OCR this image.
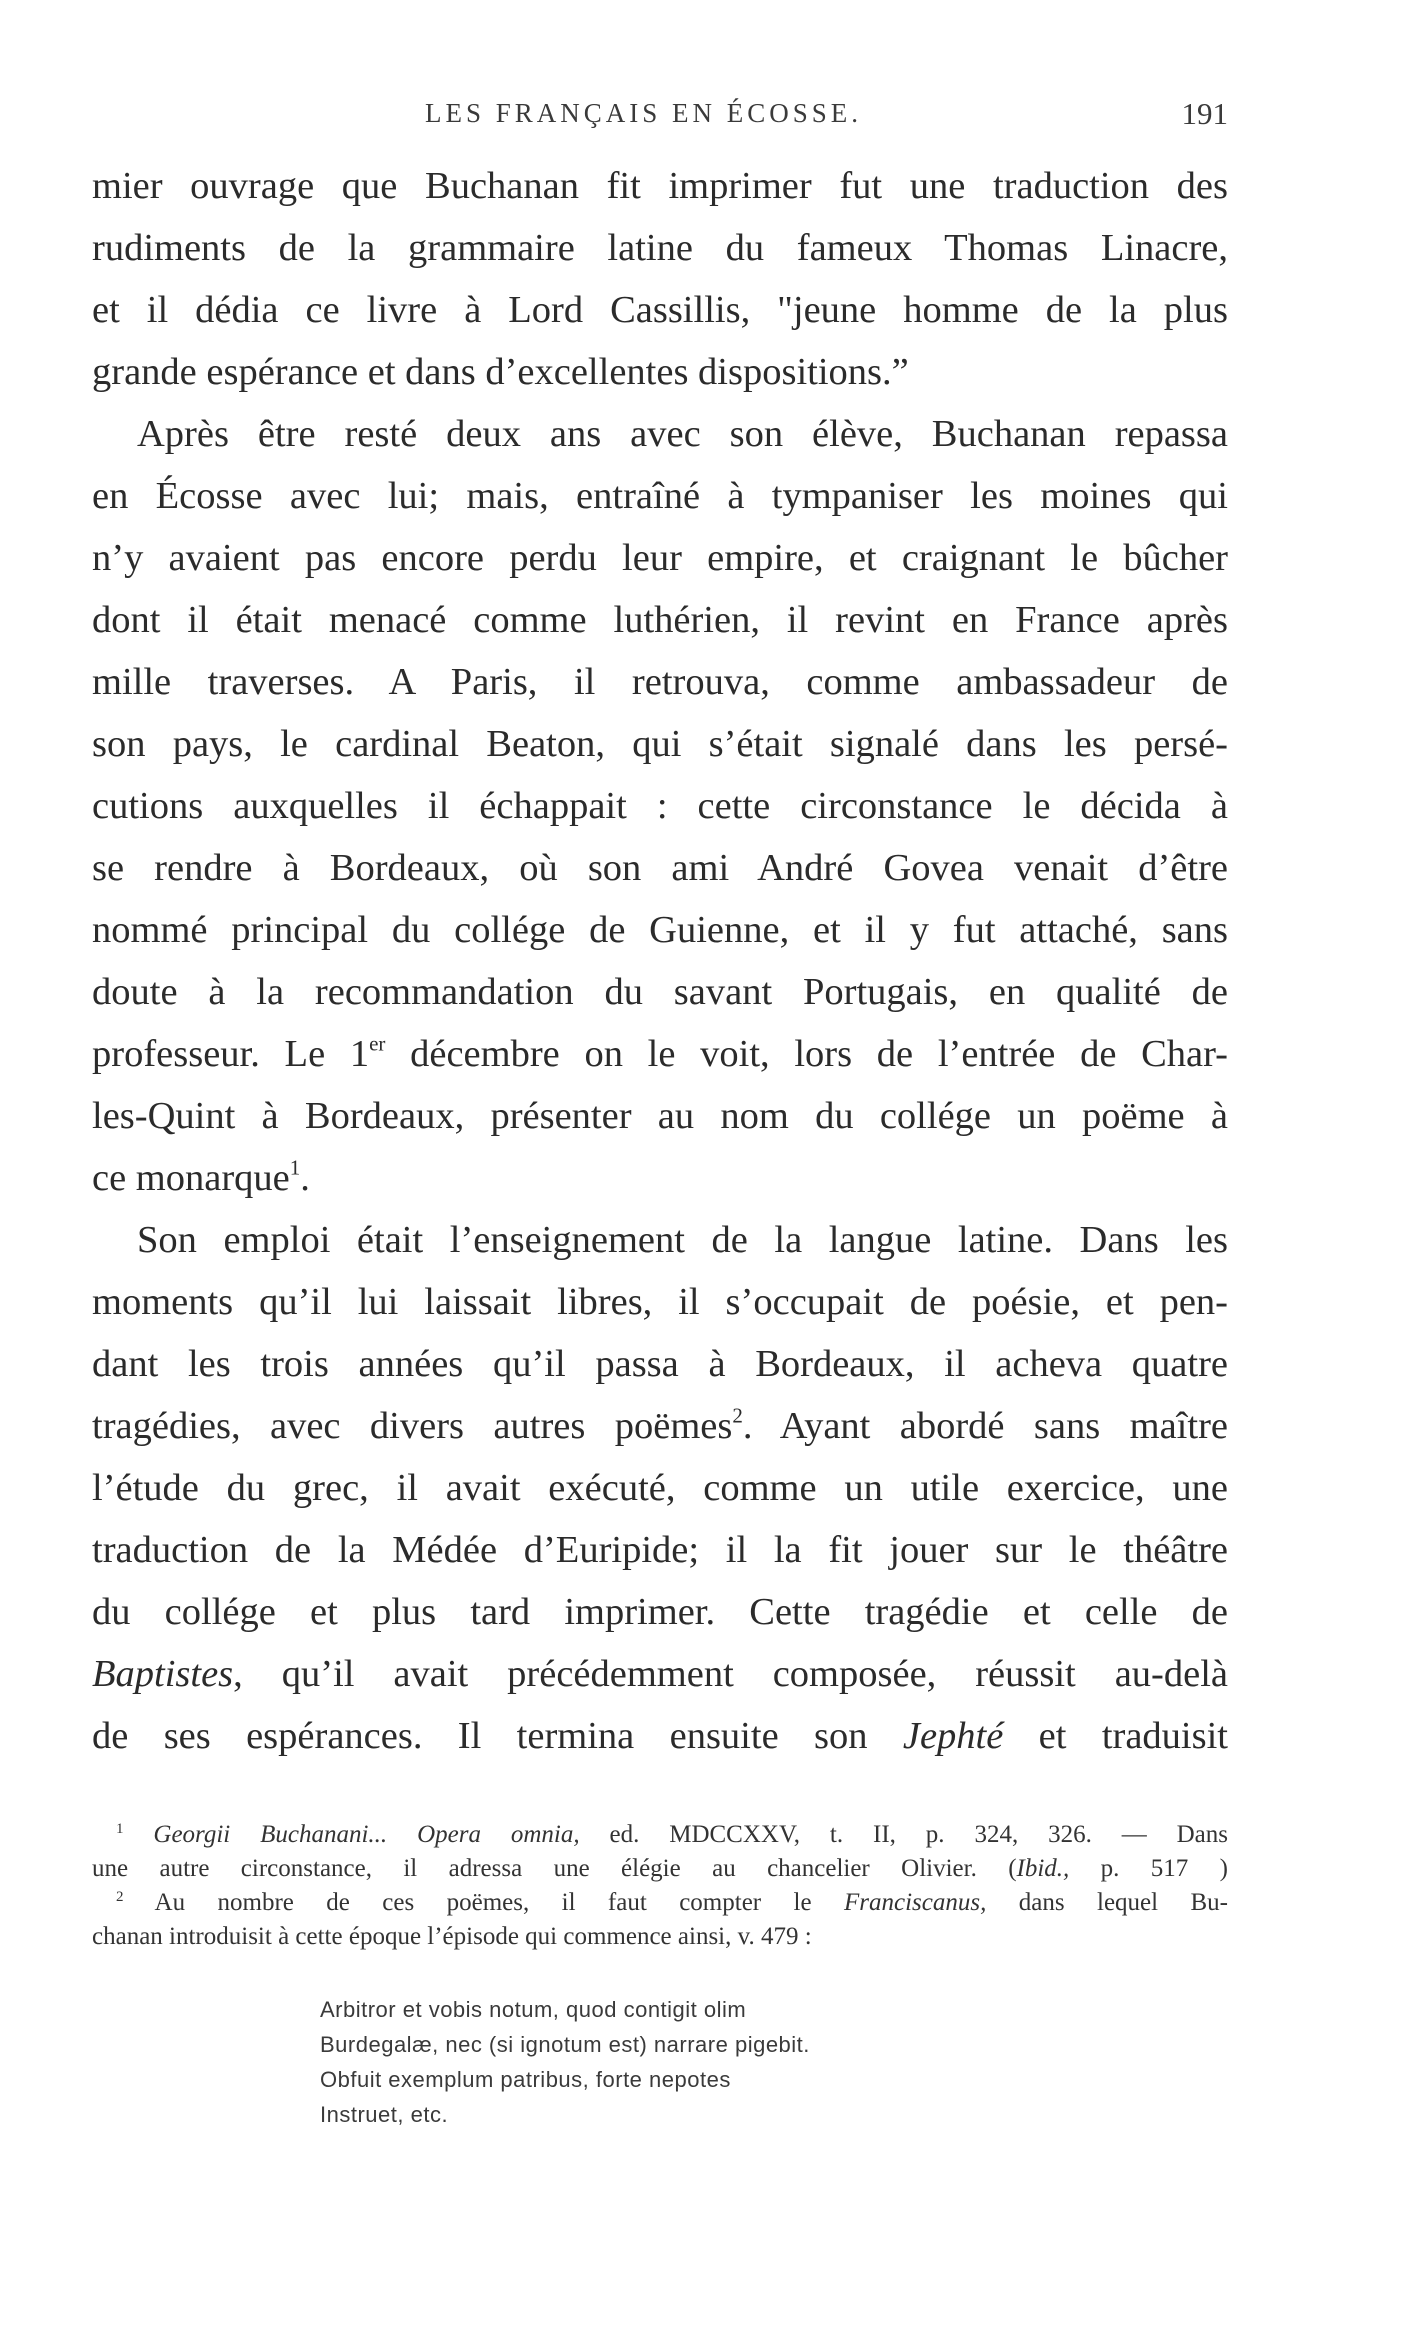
LES FRANÇAIS EN ÉCOSSE.	191
mier ouvrage que Buchanan fit imprimer fut une traduction des
rudiments de la grammaire latine du fameux Thomas Linacre,
et il dédia ce livre à Lord Cassillis, "jeune homme de la plus
grande espérance et dans d’excellentes dispositions.”
Après être resté deux ans avec son élève, Buchanan repassa
en Écosse avec lui; mais, entraîné à tympaniser les moines qui
n’y avaient pas encore perdu leur empire, et craignant le bûcher
dont il était menacé comme luthérien, il revint en France après
mille traverses. A Paris, il retrouva, comme ambassadeur de
son pays, le cardinal Beaton, qui s’était signalé dans les persé-
cutions auxquelles il échappait : cette circonstance le décida à
se rendre à Bordeaux, où son ami André Govea venait d’être
nommé principal du collége de Guienne, et il y fut attaché, sans
doute à la recommandation du savant Portugais, en qualité de
professeur. Le 1er décembre on le voit, lors de l’entrée de Char-
les-Quint à Bordeaux, présenter au nom du collége un poëme à
ce monarque$^1$.
Son emploi était l’enseignement de la langue latine. Dans les
moments qu’il lui laissait libres, il s’occupait de poésie, et pen-
dant les trois années qu’il passa à Bordeaux, il acheva quatre
tragédies, avec divers autres poëmes$^2$. Ayant abordé sans maître
l’étude du grec, il avait exécuté, comme un utile exercice, une
traduction de la Médée d’Euripide; il la fit jouer sur le théâtre
du collége et plus tard imprimer. Cette tragédie et celle de
Baptistes, qu’il avait précédemment composée, réussit au-delà
de ses espérances. Il termina ensuite son Jephté et traduisit
$^1$ Georgii Buchanani... Opera omnia, ed. MDCCXXV, t. II, p. 324, 326. — Dans
une autre circonstance, il adressa une élégie au chancelier Olivier. (Ibid., p. 517 )
$^2$ Au nombre de ces poëmes, il faut compter le Franciscanus, dans lequel Bu-
chanan introduisit à cette époque l’épisode qui commence ainsi, v. 479 :
Arbitror et vobis notum, quod contigit olim
Burdegalæ, nec (si ignotum est) narrare pigebit.
Obfuit exemplum patribus, forte nepotes
Instruet, etc.
